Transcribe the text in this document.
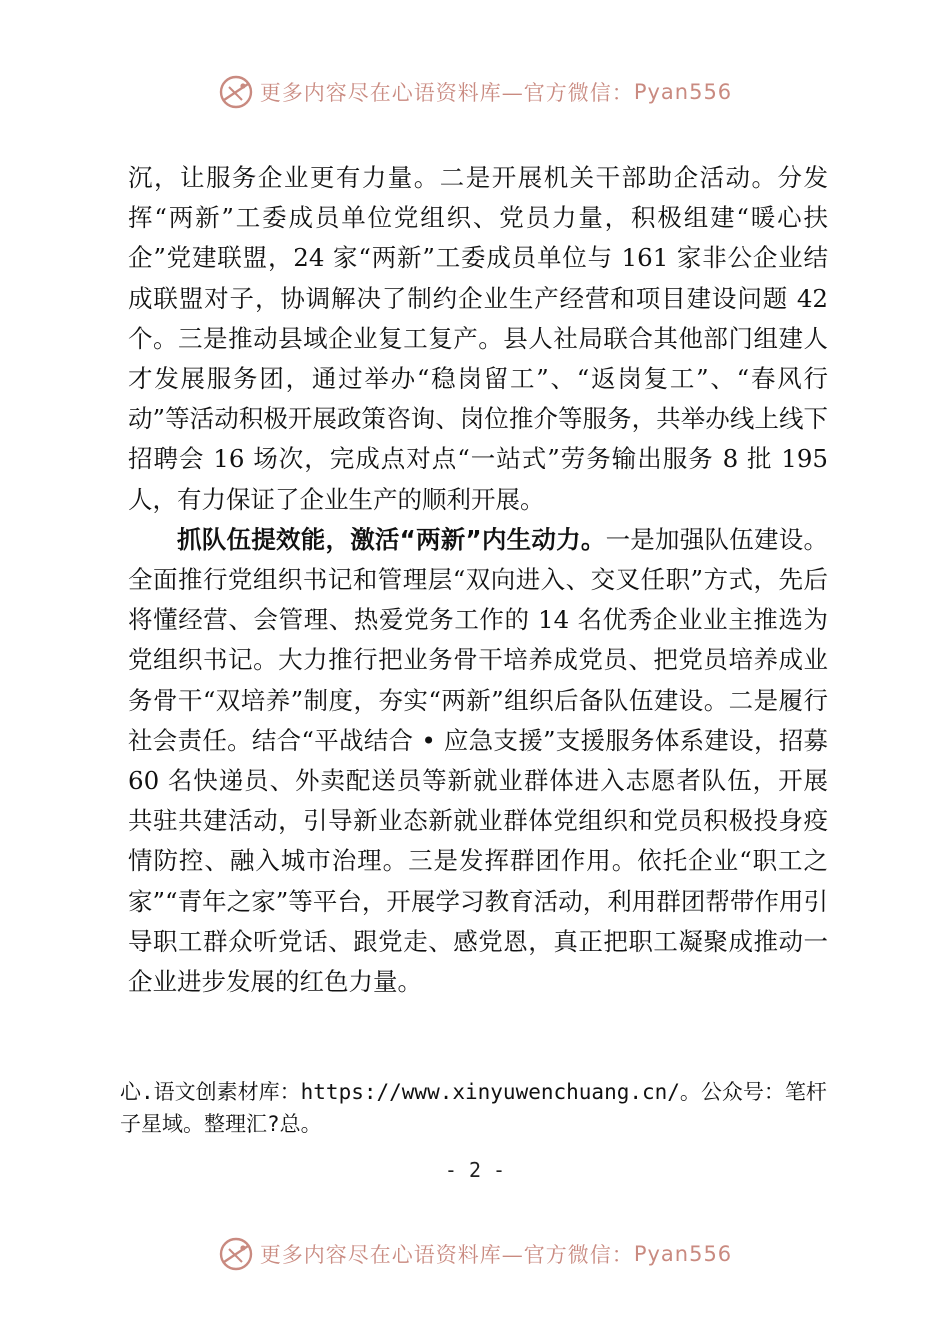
更多内容尽在心语资料库—官方微信： Pyan556

沉，让服务企业更有力量。二是开展机关干部助企活动。分发挥“两新”工委成员单位党组织、党员力量，积极组建“暖心扶企”党建联盟，24 家“两新”工委成员单位与 161 家非公企业结成联盟对子，协调解决了制约企业生产经营和项目建设问题 42 个。三是推动县域企业复工复产。县人社局联合其他部门组建人才发展服务团，通过举办“稳岗留工”、“返岗复工”、“春风行动”等活动积极开展政策咨询、岗位推介等服务，共举办线上线下招聘会 16 场次，完成点对点“一站式”劳务输出服务 8 批 195 人，有力保证了企业生产的顺利开展。

抓队伍提效能，激活“两新”内生动力。一是加强队伍建设。全面推行党组织书记和管理层“双向进入、交叉任职”方式，先后将懂经营、会管理、热爱党务工作的 14 名优秀企业业主推选为党组织书记。大力推行把业务骨干培养成党员、把党员培养成业务骨干“双培养”制度，夯实“两新”组织后备队伍建设。二是履行社会责任。结合“平战结合 • 应急支援”支援服务体系建设，招募 60 名快递员、外卖配送员等新就业群体进入志愿者队伍，开展共驻共建活动，引导新业态新就业群体党组织和党员积极投身疫情防控、融入城市治理。三是发挥群团作用。依托企业“职工之家”“青年之家”等平台，开展学习教育活动，利用群团帮带作用引导职工群众听党话、跟党走、感党恩，真正把职工凝聚成推动一企业进步发展的红色力量。

心.语文创素材库：https://www.xinyuwenchuang.cn/。公众号：笔杆子星域。整理汇?总。
- 2 -
更多内容尽在心语资料库—官方微信： Pyan556
